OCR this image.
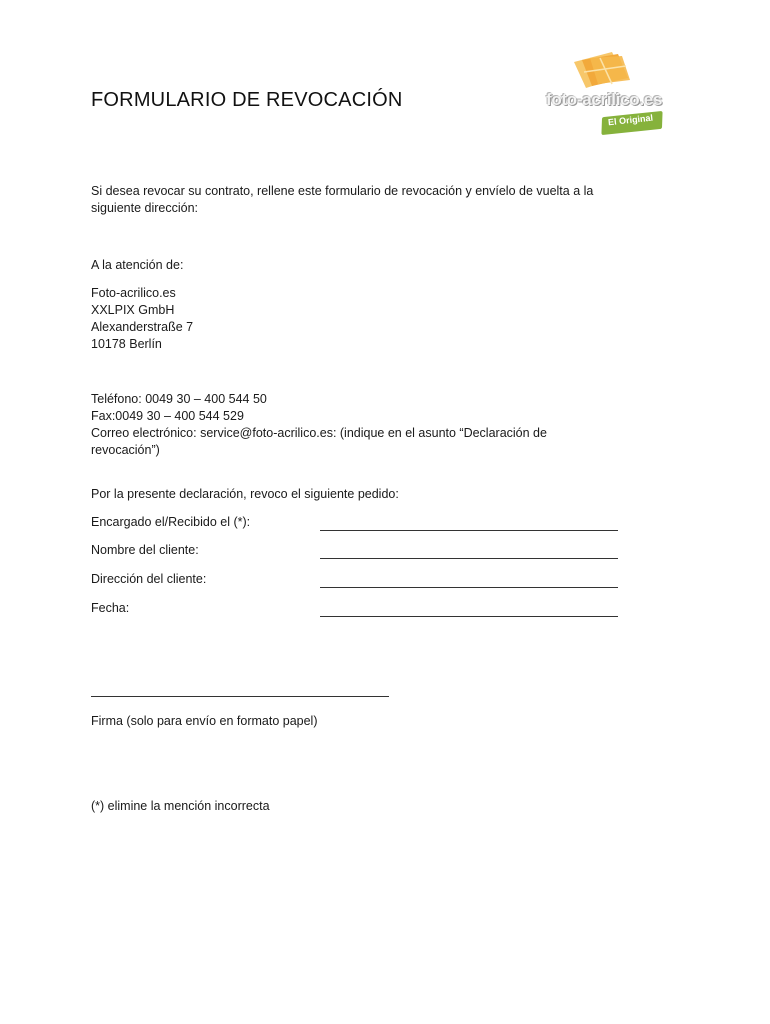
FORMULARIO DE REVOCACIÓN	foto-acrilico.es
El Original

Si desea revocar su contrato, rellene este formulario de revocación y envíelo de vuelta a la
siguiente dirección:

A la atención de:

Foto-acrilico.es
XXLPIX GmbH
Alexanderstraße 7
10178 Berlín

Teléfono: 0049 30 – 400 544 50
Fax:0049 30 – 400 544 529
Correo electrónico: service@foto-acrilico.es: (indique en el asunto “Declaración de
revocación”)

Por la presente declaración, revoco el siguiente pedido:

Encargado el/Recibido el (*):
Nombre del cliente:
Dirección del cliente:
Fecha:

Firma (solo para envío en formato papel)

(*) elimine la mención incorrecta
